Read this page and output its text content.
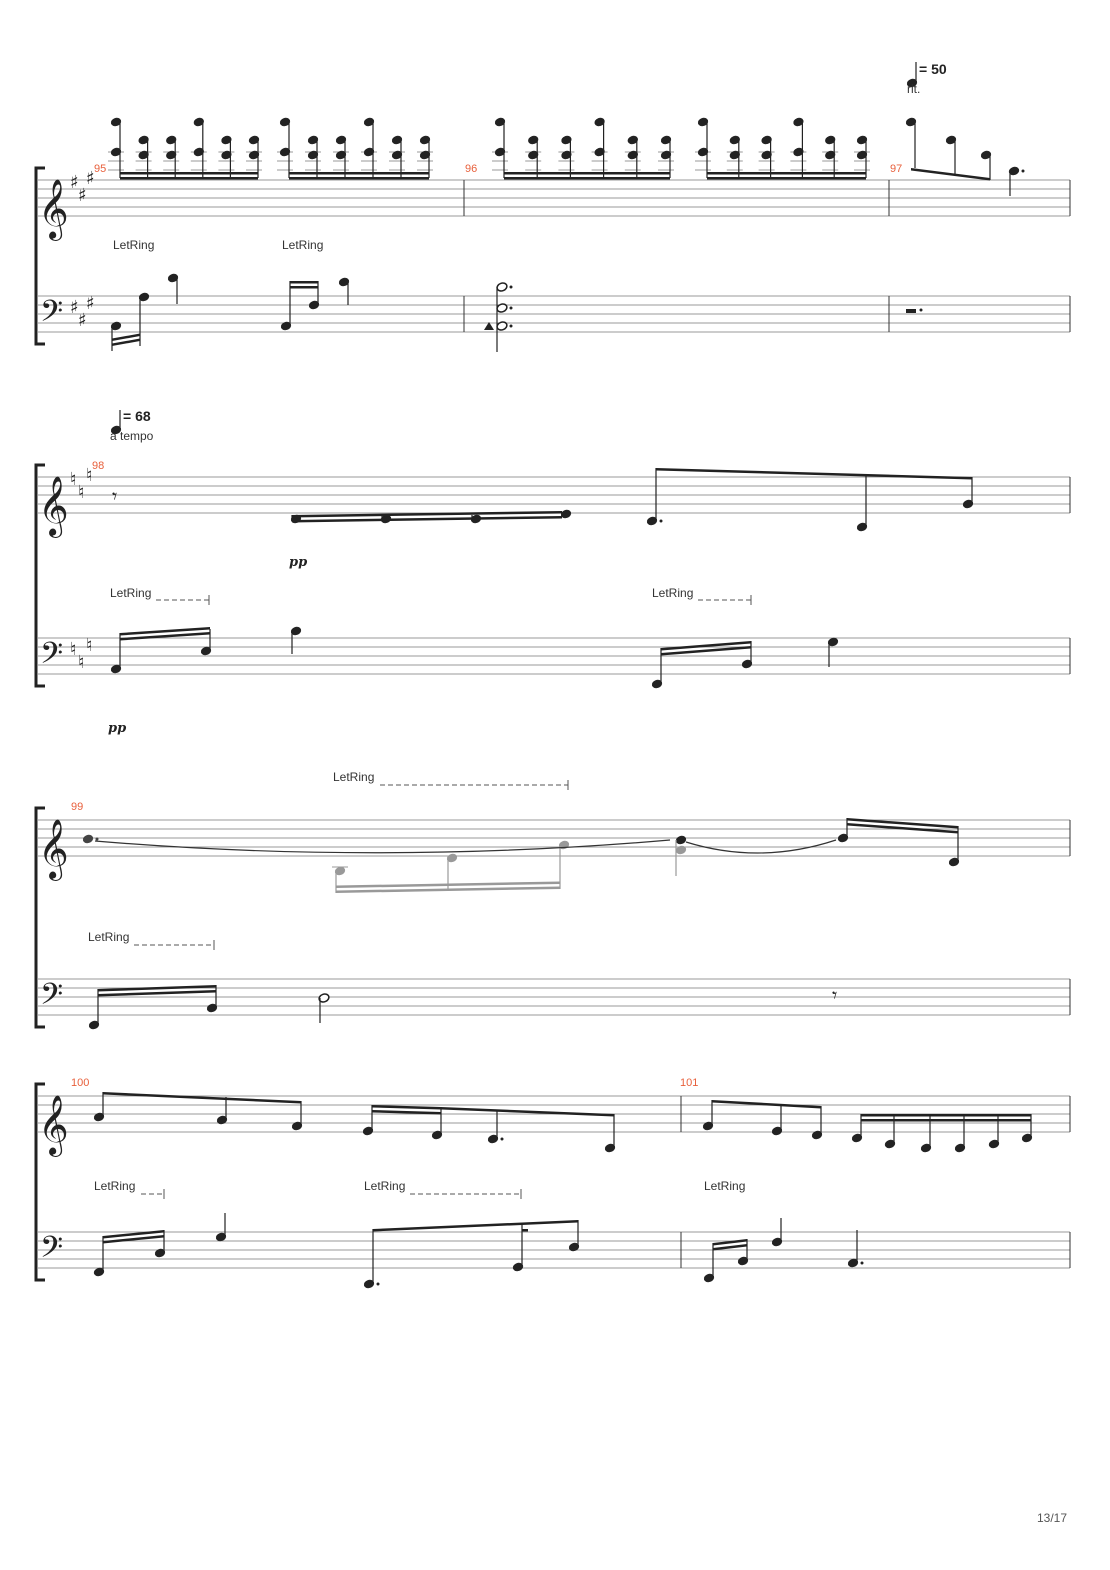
𝄞
𝄢
♯
♯
♯
♯
♯
♯
𝄞
𝄢
♮
♮
♮
♮
♮
♮
𝄞
𝄢
𝄞
𝄢
𝄾
𝄾
= 50
rit.
95	96	97
LetRing	LetRing
= 68
a tempo
98
pp
LetRing	LetRing
pp
LetRing
99
LetRing
100	101
LetRing	LetRing	LetRing
13/17
